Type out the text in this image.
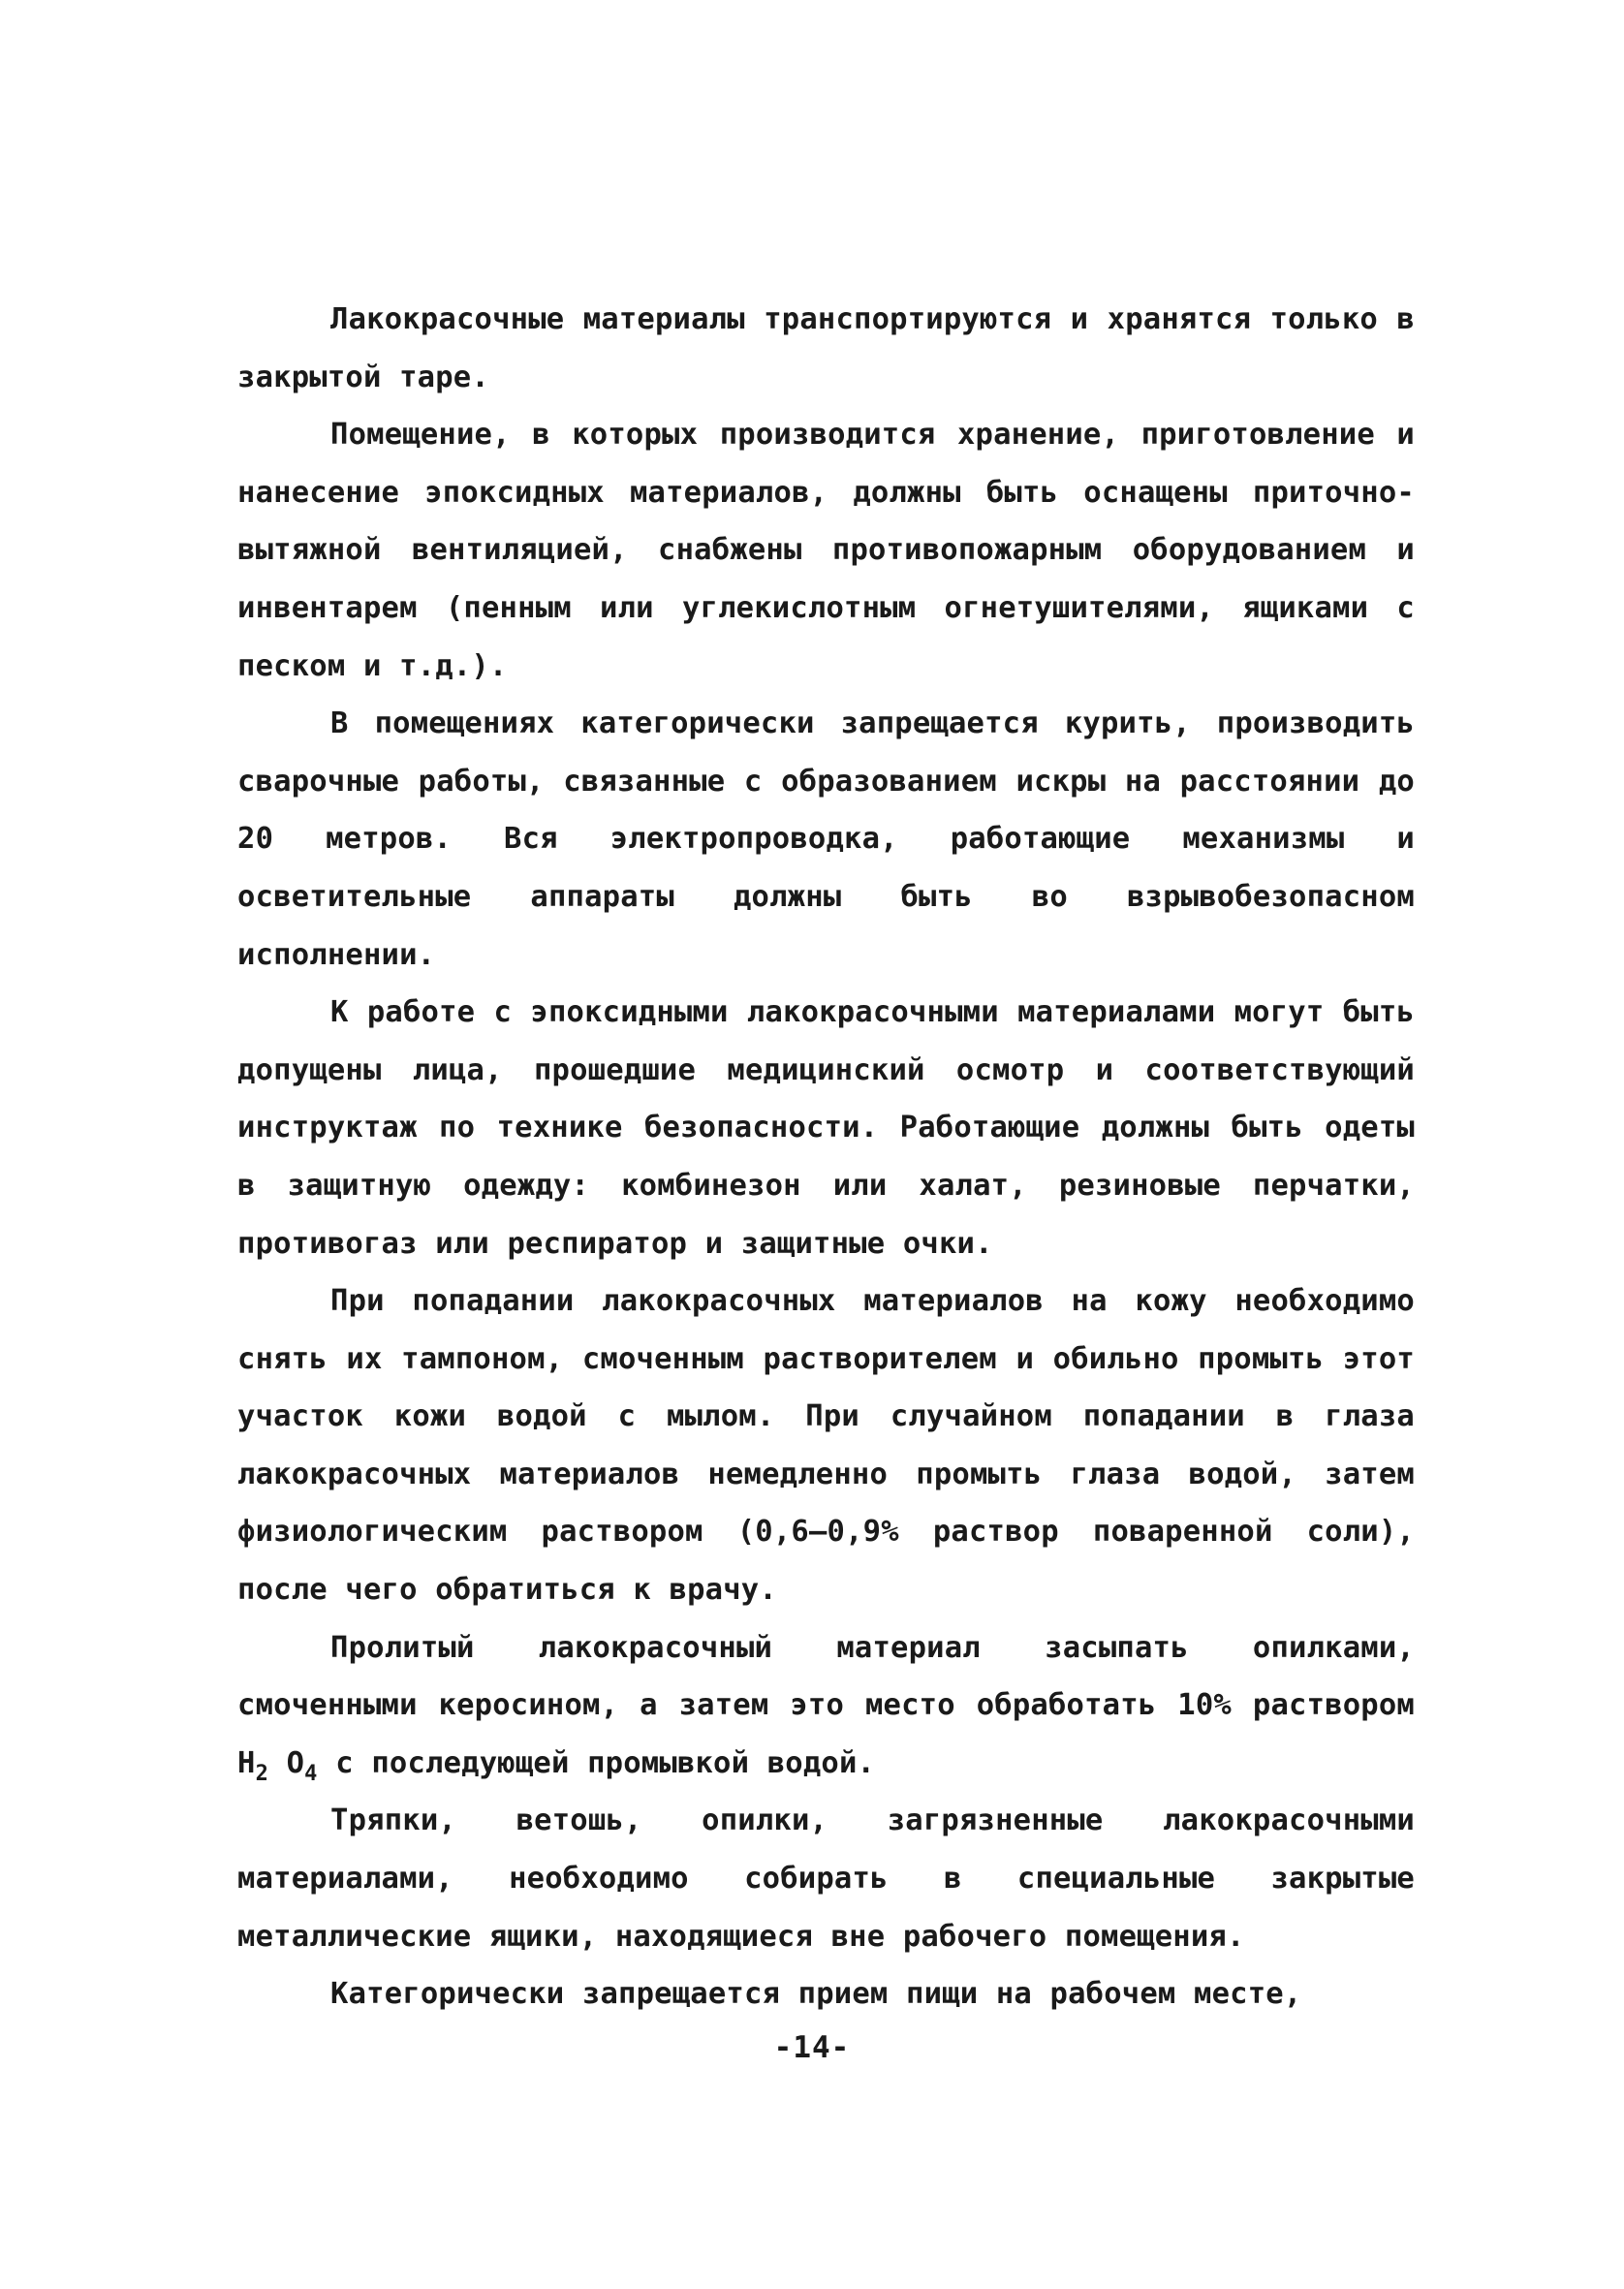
Лакокрасочные материалы транспортируются и хранятся только в закрытой таре.

Помещение, в которых производится хранение, приготовление и нанесение эпоксидных материалов, должны быть оснащены приточно-вытяжной вентиляцией, снабжены противопожарным оборудованием и инвентарем (пенным или углекислотным огнетушителями, ящиками с песком и т.д.).

В помещениях категорически запрещается курить, производить сварочные работы, связанные с образованием искры на расстоянии до 20 метров. Вся электропроводка, работающие механизмы и осветительные аппараты должны быть во взрывобезопасном исполнении.

К работе с эпоксидными лакокрасочными материалами могут быть допущены лица, прошедшие медицинский осмотр и соответствующий инструктаж по технике безопасности. Работающие должны быть одеты в защитную одежду: комбинезон или халат, резиновые перчатки, противогаз или респиратор и защитные очки.

При попадании лакокрасочных материалов на кожу необходимо снять их тампоном, смоченным растворителем и обильно промыть этот участок кожи водой с мылом. При случайном попадании в глаза лакокрасочных материалов немедленно промыть глаза водой, затем физиологическим раствором (0,6–0,9% раствор поваренной соли), после чего обратиться к врачу.

Пролитый лакокрасочный материал засыпать опилками, смоченными керосином, а затем это место обработать 10% раствором $H_2$ $O_4$ с последующей промывкой водой.

Тряпки, ветошь, опилки, загрязненные лакокрасочными материалами, необходимо собирать в специальные закрытые металлические ящики, находящиеся вне рабочего помещения.

Категорически запрещается прием пищи на рабочем месте,

-14-
